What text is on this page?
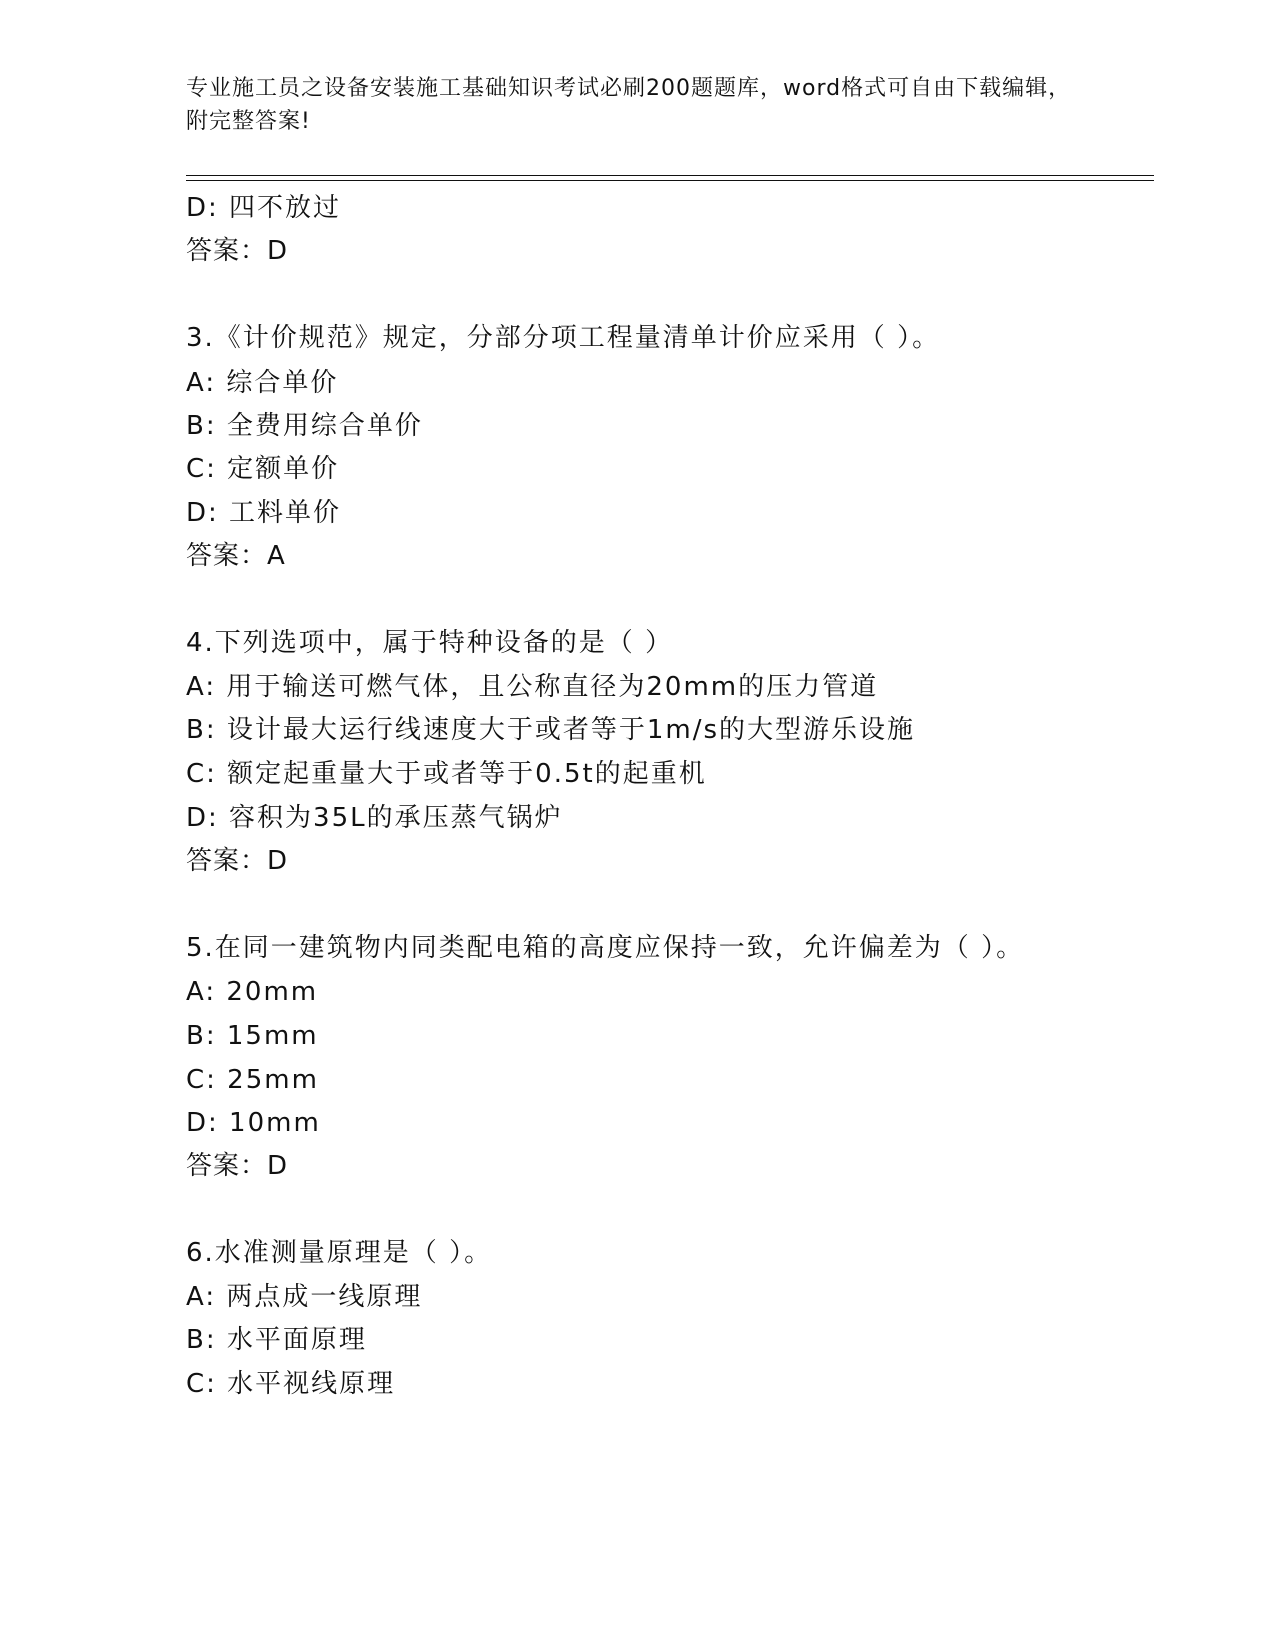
专业施工员之设备安装施工基础知识考试必刷200题题库，word格式可自由下载编辑，附完整答案!
D: 四不放过
答案：D
3.《计价规范》规定，分部分项工程量清单计价应采用（ ）。
A: 综合单价
B: 全费用综合单价
C: 定额单价
D: 工料单价
答案：A
4.下列选项中，属于特种设备的是（ ）
A: 用于输送可燃气体，且公称直径为20mm的压力管道
B: 设计最大运行线速度大于或者等于1m/s的大型游乐设施
C: 额定起重量大于或者等于0.5t的起重机
D: 容积为35L的承压蒸气锅炉
答案：D
5.在同一建筑物内同类配电箱的高度应保持一致，允许偏差为（ ）。
A: 20mm
B: 15mm
C: 25mm
D: 10mm
答案：D
6.水准测量原理是（ ）。
A: 两点成一线原理
B: 水平面原理
C: 水平视线原理
